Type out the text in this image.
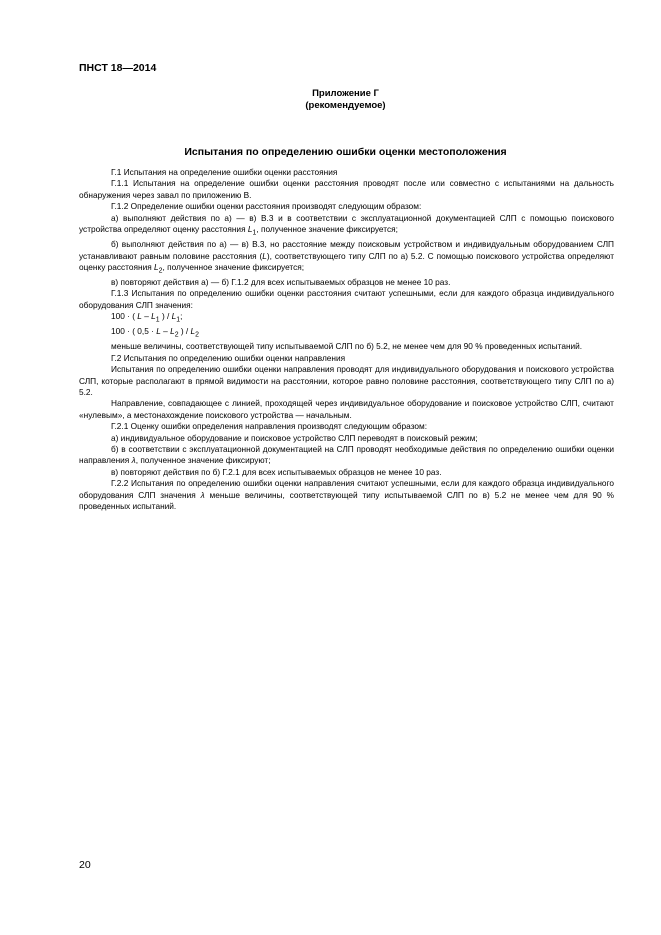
ПНСТ 18—2014
Приложение Г
(рекомендуемое)
Испытания по определению ошибки оценки местоположения

Г.1 Испытания на определение ошибки оценки расстояния

Г.1.1 Испытания на определение ошибки оценки расстояния проводят после или совместно с испытаниями на дальность обнаружения через завал по приложению В.

Г.1.2 Определение ошибки оценки расстояния производят следующим образом:

а) выполняют действия по а) — в) В.3 и в соответствии с эксплуатационной документацией СЛП с помощью поискового устройства определяют оценку расстояния $L_1$, полученное значение фиксируется;

б) выполняют действия по а) — в) В.3, но расстояние между поисковым устройством и индивидуальным оборудованием СЛП устанавливают равным половине расстояния (L), соответствующего типу СЛП по а) 5.2. С помощью поискового устройства определяют оценку расстояния $L_2$, полученное значение фиксируется;

в) повторяют действия а) — б) Г.1.2 для всех испытываемых образцов не менее 10 раз.

Г.1.3 Испытания по определению ошибки оценки расстояния считают успешными, если для каждого образца индивидуального оборудования СЛП значения:

100 · ( L – $L_1$ ) / $L_1$;

100 · ( $0,5 \cdot L - L_2$ ) / $L_2$

меньше величины, соответствующей типу испытываемой СЛП по б) 5.2, не менее чем для 90 % проведенных испытаний.

Г.2 Испытания по определению ошибки оценки направления

Испытания по определению ошибки оценки направления проводят для индивидуального оборудования и поискового устройства СЛП, которые располагают в прямой видимости на расстоянии, которое равно половине расстояния, соответствующего типу СЛП по а) 5.2.

Направление, совпадающее с линией, проходящей через индивидуальное оборудование и поисковое устройство СЛП, считают «нулевым», а местонахождение поискового устройства — начальным.

Г.2.1 Оценку ошибки определения направления производят следующим образом:

а) индивидуальное оборудование и поисковое устройство СЛП переводят в поисковый режим;

б) в соответствии с эксплуатационной документацией на СЛП проводят необходимые действия по определению ошибки оценки направления λ, полученное значение фиксируют;

в) повторяют действия по б) Г.2.1 для всех испытываемых образцов не менее 10 раз.

Г.2.2 Испытания по определению ошибки оценки направления считают успешными, если для каждого образца индивидуального оборудования СЛП значения λ меньше величины, соответствующей типу испытываемой СЛП по в) 5.2 не менее чем для 90 % проведенных испытаний.

20
